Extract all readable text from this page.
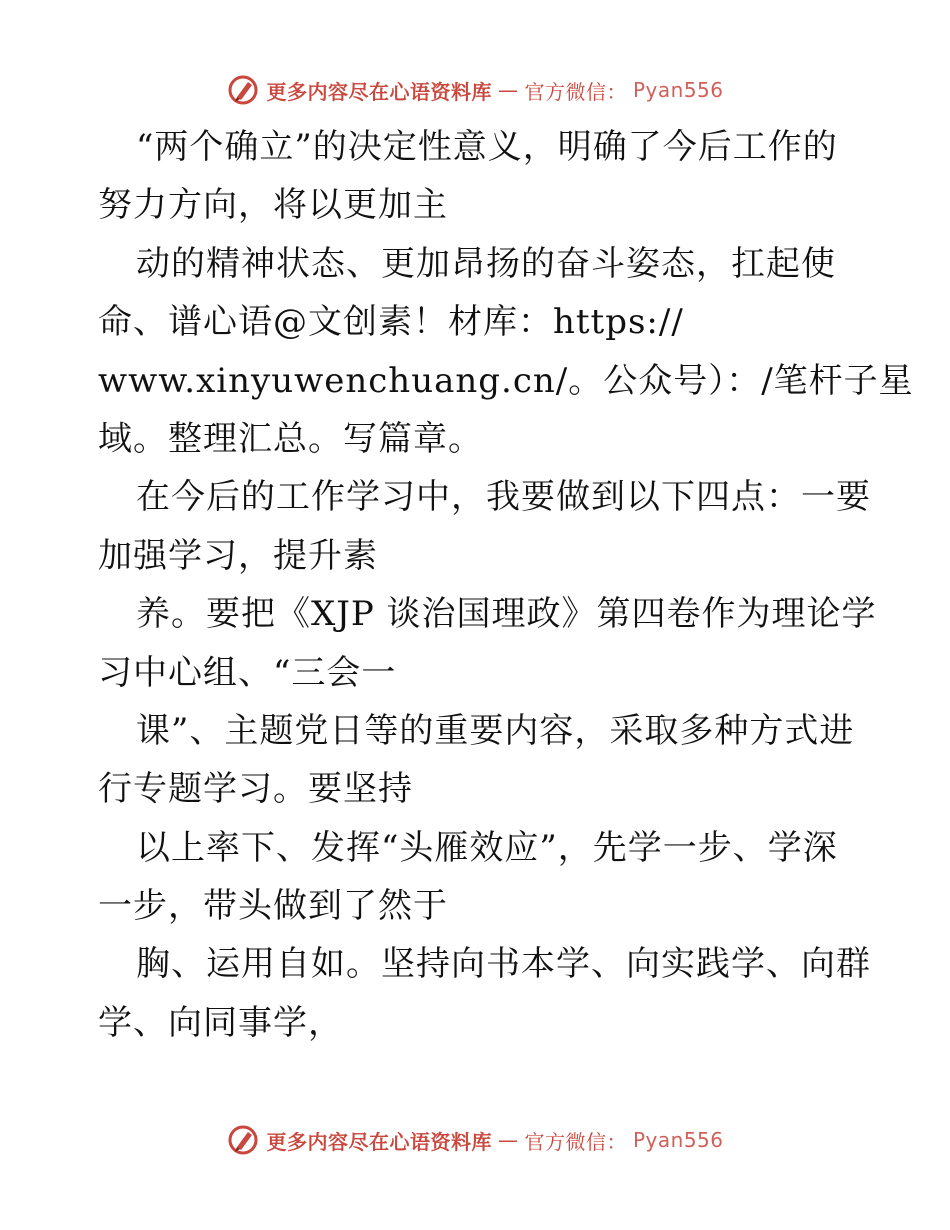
更多内容尽在心语资料库 — 官方微信： Pyan556
“两个确立”的决定性意义，明确了今后工作的
努力方向，将以更加主
动的精神状态、更加昂扬的奋斗姿态，扛起使
命、谱心语@文创素！材库：https://
www.xinyuwenchuang.cn/。公众号）：/笔杆子星
域。整理汇总。写篇章。
在今后的工作学习中，我要做到以下四点：一要
加强学习，提升素
养。要把《XJP 谈治国理政》第四卷作为理论学
习中心组、“三会一
课”、主题党日等的重要内容，采取多种方式进
行专题学习。要坚持
以上率下、发挥“头雁效应”，先学一步、学深
一步，带头做到了然于
胸、运用自如。坚持向书本学、向实践学、向群
学、向同事学，
更多内容尽在心语资料库 — 官方微信： Pyan556
